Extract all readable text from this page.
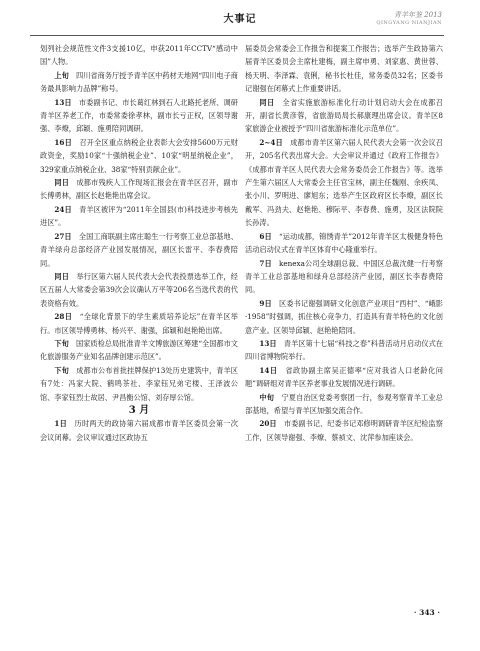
大事记	青羊年鉴 2013
QINGYANG NIANJIAN

划列社会规范性文件3支援10亿，申获2011年CCTV“感动中国”人物。

上旬　 四川省商务厅授予青羊区中药材天地网“四川电子商务最具影响力品牌”称号。

13日　 市委副书记、市长葛红林到石人北路托老所、调研青羊区养老工作，市委常委徐孝林，副市长亏正权，区领导谢强、李燎，邱颖、施勇陪同调研。

16日　 召开全区重点纳税企业表彰大会安排5600万元财政资金，奖励10家“十强纳税企业”、10家“明星纳税企业”，329家重点纳税企业、38家“特别贡献企业”。

同日　 成都市残疾人工作现场汇报会在青羊区召开，副市长傅勇林，副区长赵艳艳出席会议。

24日　 青羊区被评为“2011年全国县(市)科技进步考核先进区”。

27日　 全国工商联副主席庄聪生一行考察工业总部基地、青羊绿舟总部经济产业园发展情况，副区长雷平、李春费陪同。

同日　 举行区第六届人民代表大会代表投票选举工作，经区五届人大常委会第39次会议确认万平等206名当选代表的代表资格有效。

28日　 “全球化背景下的学生素质培养论坛”在青羊区举行。市区领导傅勇林、杨兴平、谢强，邱颖和赵艳艳出席。

下旬　 国家质检总局批准青羊文博旅游区筹建“全国都市文化旅游服务产业知名品牌创建示范区”。

下旬　 成都市公布首批挂牌保护13处历史建筑中，青羊区有7处：冯家大院、鹤鸣茶社、李家钰兄弟宅楼、王泽波公馆、李家钰烈士故居、尹昌衡公馆、刘存厚公馆。

3 月

1日　 历时两天的政协第六届成都市青羊区委员会第一次会议闭幕。会议审议通过区政协五

届委员会常委会工作报告和提案工作报告；选举产生政协第六届青羊区委员会主席杜建梅，副主席申勇、刘家惠、黄世蓉、杨天明、李泽霖、袁俐，秘书长杜佳，常务委员32名；区委书记谢强在闭幕式上作重要讲话。

同日　 全省实施旅游标准化行动计划启动大会在成都召开，副省长黄彦蓉，省旅游局局长郝康理出席会议。青羊区8家旅游企业被授予“四川省旅游标准化示范单位”。

2~4日　 成都市青羊区第六届人民代表大会第一次会议召开，205名代表出席大会。大会审议并通过《政府工作报告》《成都市青羊区人民代表大会常务委员会工作报告》等。选举产生第六届区人大常委会主任官宝林，副主任魏刚、余疾凤、张小川、罗明进、廖旭东；选举产生区政府区长李燎，副区长戴军、冯劲夫、赵艳艳、穆际平、李春费、施勇，及区法院院长孙涛。

6日　 “运动成都，锦绣青羊”2012年青羊区太极健身特色活动启动仪式在青羊区体育中心隆重举行。

7日　 kenexa公司全球副总裁、中国区总裁沈健一行考察青羊工业总部基地和绿舟总部经济产业园，副区长李春费陪同。

9日　 区委书记谢强调研文化创意产业项目“西村”、“峨影·1958”时强调，抓住核心竞争力，打造具有青羊特色的文化创意产业。区领导邱颖、赵艳艳陪同。

13日　 青羊区第十七届“科技之春”科普活动月启动仪式在四川省博物院举行。

14日　 省政协副主席吴正德率“应对我省人口老龄化问题”调研组对青羊区养老事业发展情况进行调研。

中旬　 宁夏自治区党委考察团一行，参观考察青羊工业总部基地，希望与青羊区加强交流合作。

20日　 市委副书记、纪委书记邓修明调研青羊区纪检监察工作，区领导谢强、李燎、蔡祯文、沈萍参加座谈会。

· 343 ·
